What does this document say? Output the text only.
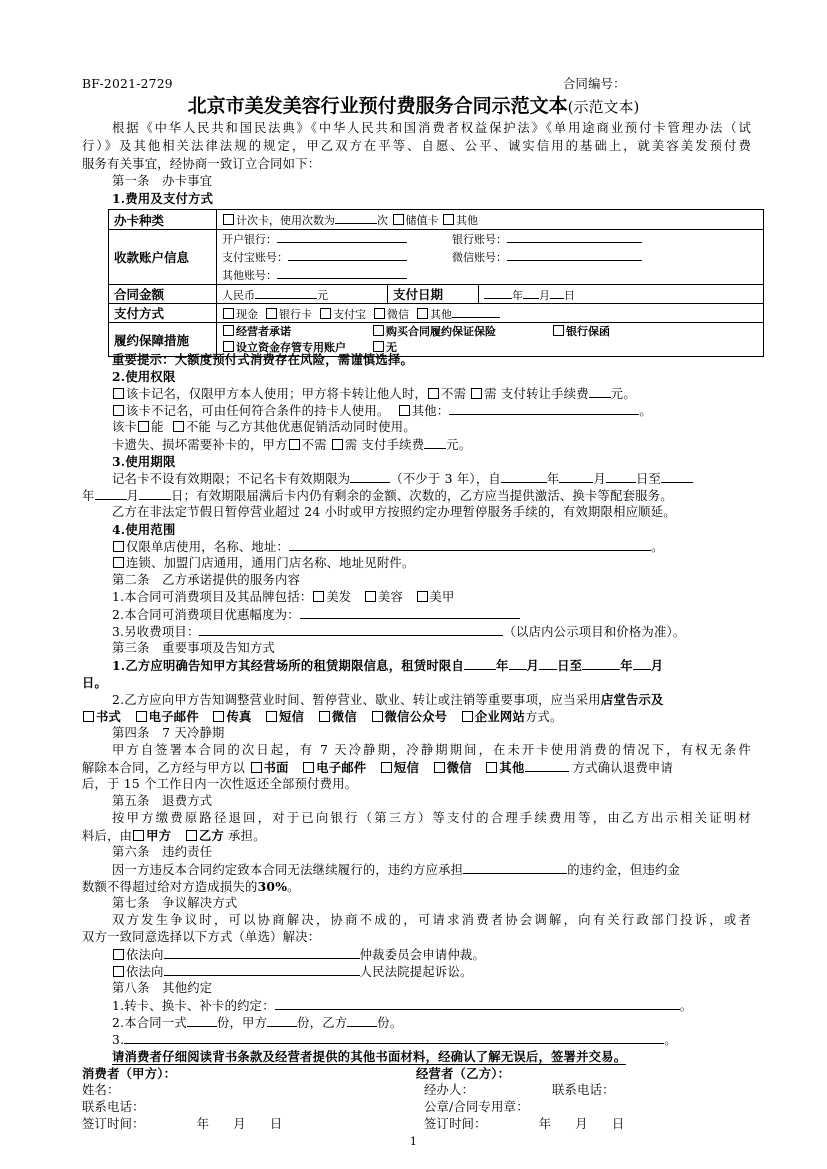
BF-2021-2729	合同编号：
北京市美发美容行业预付费服务合同示范文本(示范文本)
根据《中华人民共和国民法典》《中华人民共和国消费者权益保护法》《单用途商业预付卡管理办法（试
行）》及其他相关法律法规的规定，甲乙双方在平等、自愿、公平、诚实信用的基础上，就美容美发预付费
服务有关事宜，经协商一致订立合同如下：
第一条　办卡事宜
1.费用及支付方式
办卡种类	计次卡，使用次数为 次 储值卡 其他		
收款账户信息	开户银行： 银行账号：
支付宝账号： 微信账号：
其他账号：		

合同金额	人民币 元	支付日期	年 月 日
支付方式	现金 银行卡 支付宝 微信 其他		
履约保障措施	经营者承诺 购买合同履约保证保险 银行保函
设立资金存管专用账户 无		
重要提示：大额度预付式消费存在风险，需谨慎选择。
2.使用权限
该卡记名，仅限甲方本人使用；甲方将卡转让他人时， 不需 需 支付转让手续费 元。
该卡不记名，可由任何符合条件的持卡人使用。 其他：	。
该卡 能 不能 与乙方其他优惠促销活动同时使用。
卡遗失、损坏需要补卡的，甲方 不需 需 支付手续费 元。
3.使用期限
记名卡不设有效期限；不记名卡有效期限为	（不少于 3 年），自	年	月 日至
年	月	日；有效期限届满后卡内仍有剩余的金额、次数的，乙方应当提供激活、换卡等配套服务。
乙方在非法定节假日暂停营业超过 24 小时或甲方按照约定办理暂停服务手续的，有效期限相应顺延。
4.使用范围
仅限单店使用，名称、地址：	。
连锁、加盟门店通用，通用门店名称、地址见附件。
第二条　乙方承诺提供的服务内容
1.本合同可消费项目及其品牌包括： 美发 美容 美甲
2.本合同可消费项目优惠幅度为：
3.另收费项目：	（以店内公示项目和价格为准）。
第三条　重要事项及告知方式
1.乙方应明确告知甲方其经营场所的租赁期限信息，租赁时限自	年 月 日至	年 月
日。
2.乙方应向甲方告知调整营业时间、暂停营业、歇业、转让或注销等重要事项，应当采用店堂告示及
书式 电子邮件 传真 短信 微信 微信公众号 企业网站方式。
第四条　7 天冷静期
甲方自签署本合同的次日起，有 7 天冷静期，冷静期期间，在未开卡使用消费的情况下，有权无条件
解除本合同，乙方经与甲方以 书面 电子邮件 短信 微信 其他	方式确认退费申请
后，于 15 个工作日内一次性返还全部预付费用。
第五条　退费方式
按甲方缴费原路径退回，对于已向银行（第三方）等支付的合理手续费用等，由乙方出示相关证明材
料后，由 甲方 乙方 承担。
第六条　违约责任
因一方违反本合同约定致本合同无法继续履行的，违约方应承担	的违约金，但违约金
数额不得超过给对方造成损失的30%。
第七条　争议解决方式
双方发生争议时，可以协商解决，协商不成的，可请求消费者协会调解，向有关行政部门投诉，或者
双方一致同意选择以下方式（单选）解决：
依法向	仲裁委员会申请仲裁。
依法向	人民法院提起诉讼。
第八条　其他约定
1.转卡、换卡、补卡的约定：	。
2.本合同一式 份，甲方 份，乙方 份。
3.	。
请消费者仔细阅读背书条款及经营者提供的其他书面材料，经确认了解无误后，签署并交易。
消费者（甲方）：	经营者（乙方）：
姓名：	经办人：	联系电话：
联系电话：	公章/合同专用章：
签订时间：	年 月 日	签订时间：	年 月 日
1
